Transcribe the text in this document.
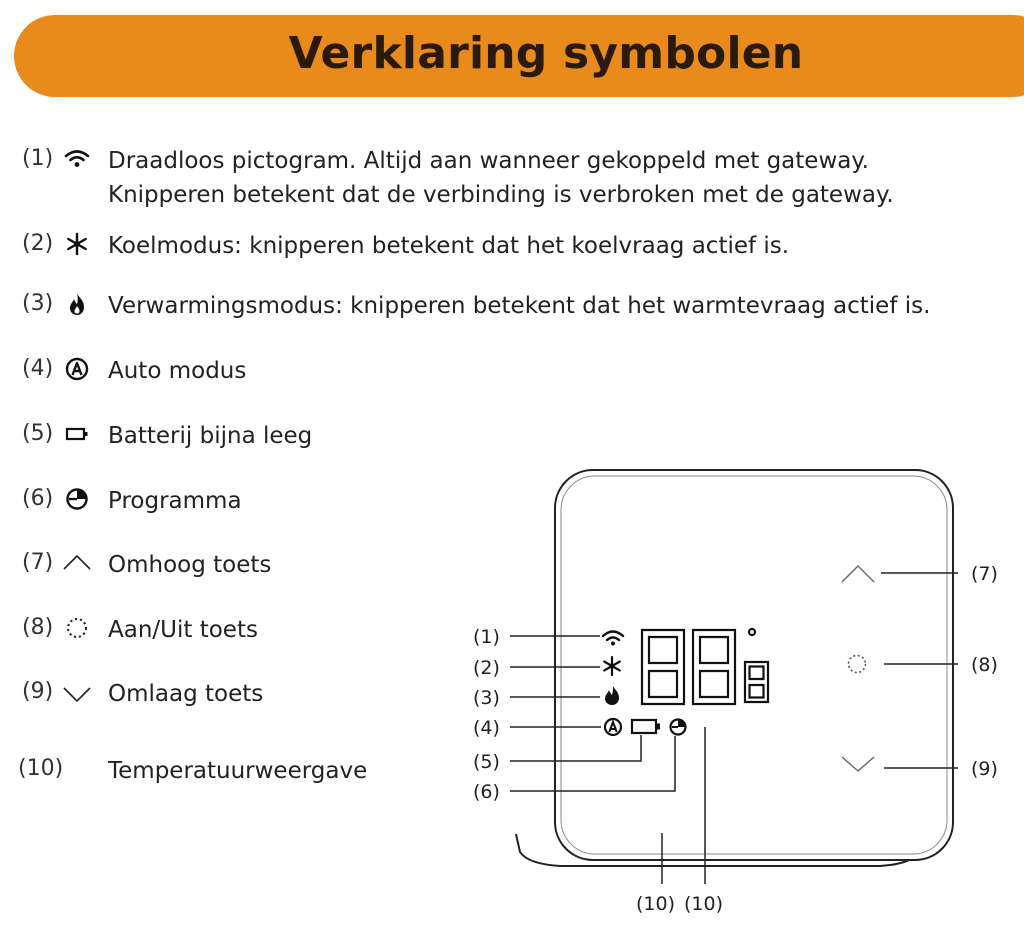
Verklaring symbolen
(1) Draadloos pictogram. Altijd aan wanneer gekoppeld met gateway.
Knipperen betekent dat de verbinding is verbroken met de gateway.
(2) Koelmodus: knipperen betekent dat het koelvraag actief is.
(3) Verwarmingsmodus: knipperen betekent dat het warmtevraag actief is.
(4) Auto modus
(5) Batterij bijna leeg
(6) Programma
(7) Omhoog toets
(8) Aan/Uit toets
(9) Omlaag toets
(10) Temperatuurweergave
(1)
(2)
(3)
(4)
(5)
(6)
(7)
(8)
(9)
(10) (10)
